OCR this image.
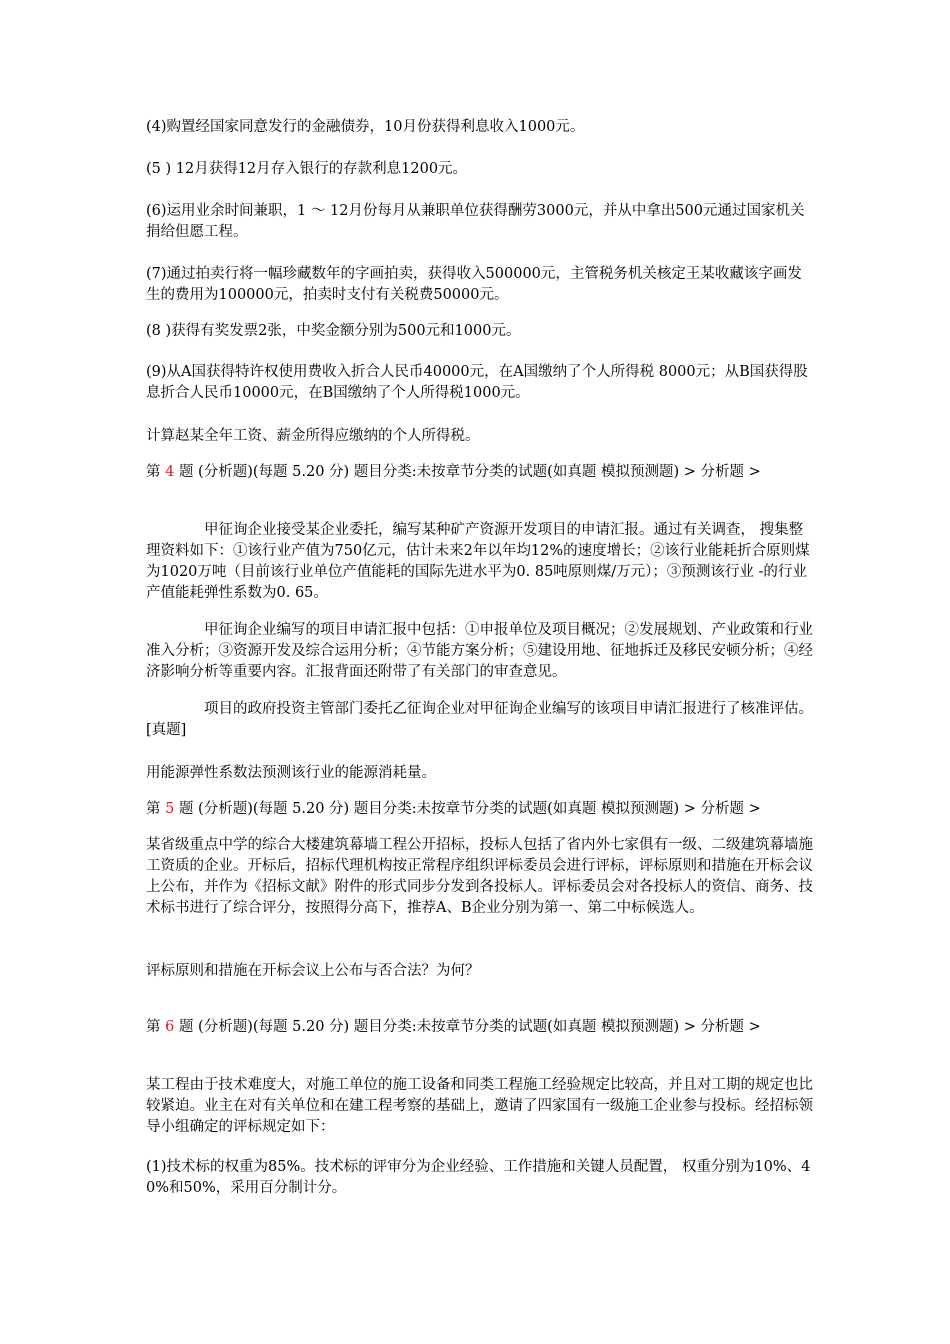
(4)购置经国家同意发行的金融债券，10月份获得利息收入1000元。

(5 ) 12月获得12月存入银行的存款利息1200元。

(6)运用业余时间兼职，1 ～ 12月份每月从兼职单位获得酬劳3000元，并从中拿出500元通过国家机关捐给但愿工程。

(7)通过拍卖行将一幅珍藏数年的字画拍卖，获得收入500000元，主管税务机关核定王某收藏该字画发生的费用为100000元，拍卖时支付有关税费50000元。

(8 )获得有奖发票2张，中奖金额分别为500元和1000元。

(9)从A国获得特许权使用费收入折合人民币40000元，在A国缴纳了个人所得税 8000元；从B国获得股息折合人民币10000元，在B国缴纳了个人所得税1000元。

计算赵某全年工资、薪金所得应缴纳的个人所得税。

第 4 题 (分析题)(每题 5.20 分) 题目分类:未按章节分类的试题(如真题 模拟预测题) > 分析题 >

甲征询企业接受某企业委托，编写某种矿产资源开发项目的申请汇报。通过有关调查， 搜集整理资料如下：①该行业产值为750亿元，估计未来2年以年均12%的速度增长；②该行业能耗折合原则煤为1020万吨（目前该行业单位产值能耗的国际先进水平为0. 85吨原则煤/万元）；③预测该行业 -的行业产值能耗弹性系数为0. 65。

甲征询企业编写的项目申请汇报中包括：①申报单位及项目概况；②发展规划、产业政策和行业准入分析；③资源开发及综合运用分析；④节能方案分析；⑤建设用地、征地拆迁及移民安顿分析；④经济影响分析等重要内容。汇报背面还附带了有关部门的审查意见。

项目的政府投资主管部门委托乙征询企业对甲征询企业编写的该项目申请汇报进行了核准评估。[真题]

用能源弹性系数法预测该行业的能源消耗量。

第 5 题 (分析题)(每题 5.20 分) 题目分类:未按章节分类的试题(如真题 模拟预测题) > 分析题 >

某省级重点中学的综合大楼建筑幕墙工程公开招标，投标人包括了省内外七家俱有一级、二级建筑幕墙施工资质的企业。开标后，招标代理机构按正常程序组织评标委员会进行评标，评标原则和措施在开标会议上公布，并作为《招标文献》附件的形式同步分发到各投标人。评标委员会对各投标人的资信、商务、技术标书进行了综合评分，按照得分高下，推荐A、B企业分别为第一、第二中标候选人。

评标原则和措施在开标会议上公布与否合法？为何？

第 6 题 (分析题)(每题 5.20 分) 题目分类:未按章节分类的试题(如真题 模拟预测题) > 分析题 >

某工程由于技术难度大，对施工单位的施工设备和同类工程施工经验规定比较高，并且对工期的规定也比较紧迫。业主在对有关单位和在建工程考察的基础上，邀请了四家国有一级施工企业参与投标。经招标领导小组确定的评标规定如下：

(1)技术标的权重为85%。技术标的评审分为企业经验、工作措施和关键人员配置， 权重分别为10%、40%和50%，采用百分制计分。
